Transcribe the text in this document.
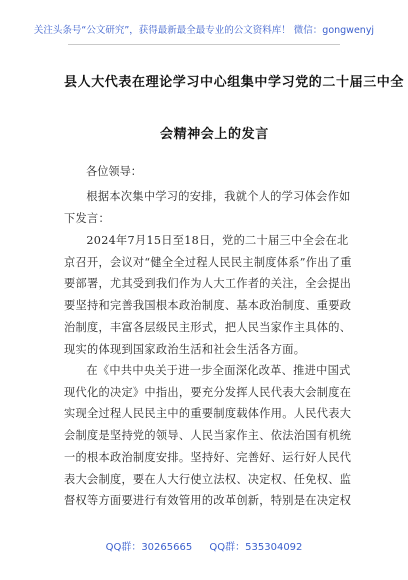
关注头条号“公文研究”，获得最新最全最专业的公文资料库！ 微信：gongwenyj
县人大代表在理论学习中心组集中学习党的二十届三中全
会精神会上的发言
各位领导：

根据本次集中学习的安排，我就个人的学习体会作如下发言：

2024年7月15日至18日，党的二十届三中全会在北京召开，会议对“健全全过程人民民主制度体系”作出了重要部署，尤其受到我们作为人大工作者的关注，全会提出要坚持和完善我国根本政治制度、基本政治制度、重要政治制度，丰富各层级民主形式，把人民当家作主具体的、现实的体现到国家政治生活和社会生活各方面。

在《中共中央关于进一步全面深化改革、推进中国式现代化的决定》中指出，要充分发挥人民代表大会制度在实现全过程人民民主中的重要制度载体作用。人民代表大会制度是坚持党的领导、人民当家作主、依法治国有机统一的根本政治制度安排。坚持好、完善好、运行好人民代表大会制度，要在人大行使立法权、决定权、任免权、监督权等方面要进行有效管用的改革创新，特别是在决定权

QQ群：30265665 QQ群：535304092
